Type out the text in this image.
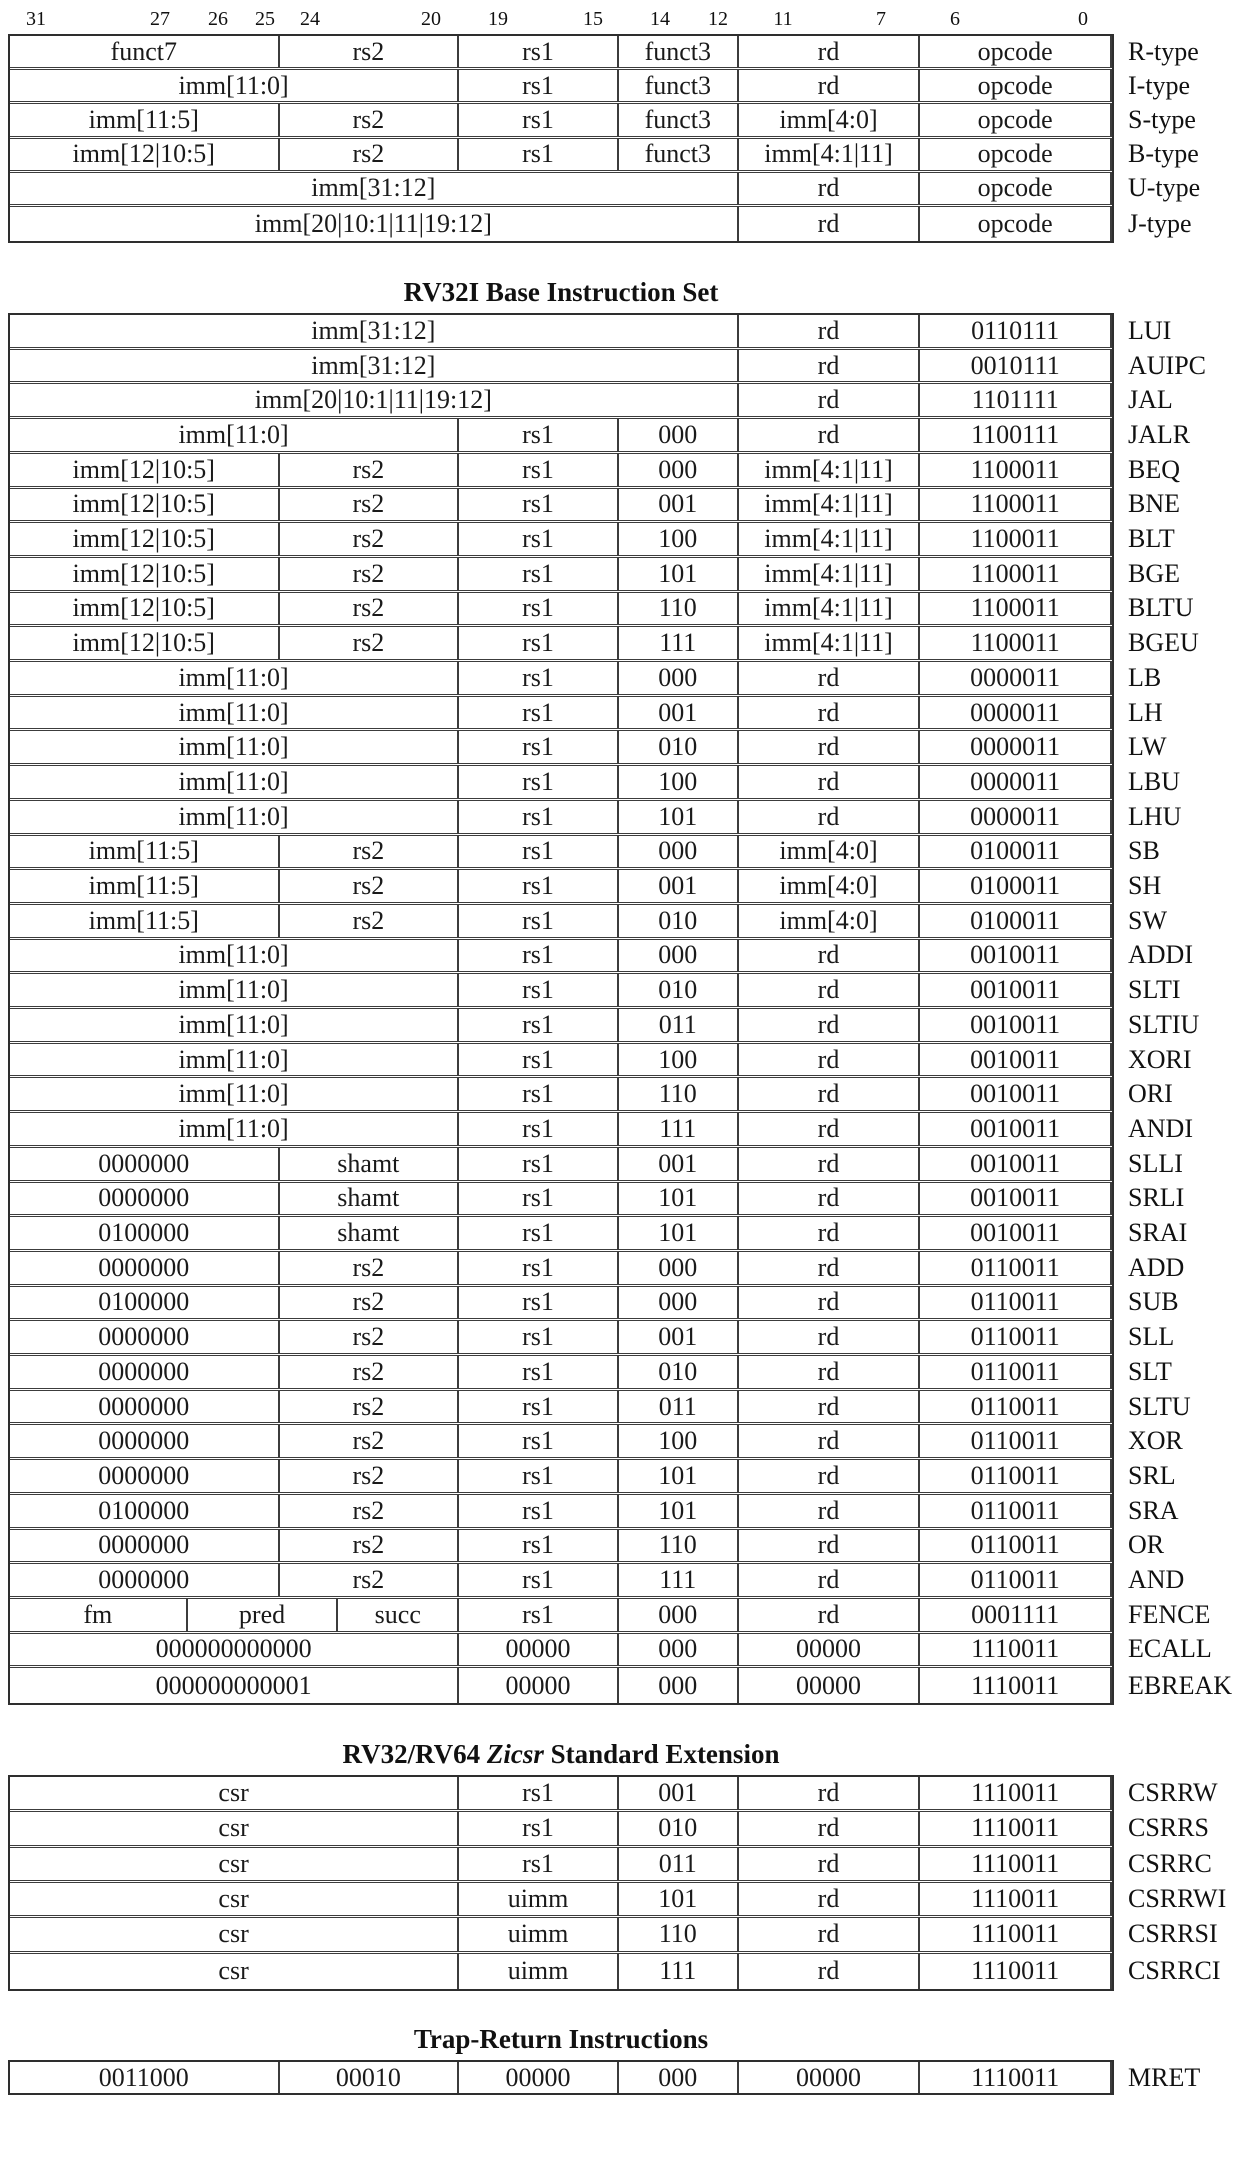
31	27 26 25 24	20 19	15 14 12 11	7	6	0
funct7	rs2	rs1	funct3	rd	opcode	R-type
imm[11:0]	rs1	funct3	rd	opcode	I-type
imm[11:5]	rs2	rs1	funct3	imm[4:0]	opcode	S-type
imm[12|10:5]	rs2	rs1	funct3	imm[4:1|11]	opcode	B-type
imm[31:12]	rd	opcode	U-type
imm[20|10:1|11|19:12]	rd	opcode	J-type
RV32I Base Instruction Set
imm[31:12]	rd	0110111	LUI
imm[31:12]	rd	0010111	AUIPC
imm[20|10:1|11|19:12]	rd	1101111	JAL
imm[11:0]	rs1	000	rd	1100111	JALR
imm[12|10:5]	rs2	rs1	000	imm[4:1|11]	1100011	BEQ
imm[12|10:5]	rs2	rs1	001	imm[4:1|11]	1100011	BNE
imm[12|10:5]	rs2	rs1	100	imm[4:1|11]	1100011	BLT
imm[12|10:5]	rs2	rs1	101	imm[4:1|11]	1100011	BGE
imm[12|10:5]	rs2	rs1	110	imm[4:1|11]	1100011	BLTU
imm[12|10:5]	rs2	rs1	111	imm[4:1|11]	1100011	BGEU
imm[11:0]	rs1	000	rd	0000011	LB
imm[11:0]	rs1	001	rd	0000011	LH
imm[11:0]	rs1	010	rd	0000011	LW
imm[11:0]	rs1	100	rd	0000011	LBU
imm[11:0]	rs1	101	rd	0000011	LHU
imm[11:5]	rs2	rs1	000	imm[4:0]	0100011	SB
imm[11:5]	rs2	rs1	001	imm[4:0]	0100011	SH
imm[11:5]	rs2	rs1	010	imm[4:0]	0100011	SW
imm[11:0]	rs1	000	rd	0010011	ADDI
imm[11:0]	rs1	010	rd	0010011	SLTI
imm[11:0]	rs1	011	rd	0010011	SLTIU
imm[11:0]	rs1	100	rd	0010011	XORI
imm[11:0]	rs1	110	rd	0010011	ORI
imm[11:0]	rs1	111	rd	0010011	ANDI
0000000	shamt	rs1	001	rd	0010011	SLLI
0000000	shamt	rs1	101	rd	0010011	SRLI
0100000	shamt	rs1	101	rd	0010011	SRAI
0000000	rs2	rs1	000	rd	0110011	ADD
0100000	rs2	rs1	000	rd	0110011	SUB
0000000	rs2	rs1	001	rd	0110011	SLL
0000000	rs2	rs1	010	rd	0110011	SLT
0000000	rs2	rs1	011	rd	0110011	SLTU
0000000	rs2	rs1	100	rd	0110011	XOR
0000000	rs2	rs1	101	rd	0110011	SRL
0100000	rs2	rs1	101	rd	0110011	SRA
0000000	rs2	rs1	110	rd	0110011	OR
0000000	rs2	rs1	111	rd	0110011	AND
fm	pred	succ	rs1	000	rd	0001111	FENCE
000000000000	00000	000	00000	1110011	ECALL
000000000001	00000	000	00000	1110011	EBREAK
RV32/RV64 Zicsr Standard Extension
csr	rs1	001	rd	1110011	CSRRW
csr	rs1	010	rd	1110011	CSRRS
csr	rs1	011	rd	1110011	CSRRC
csr	uimm	101	rd	1110011	CSRRWI
csr	uimm	110	rd	1110011	CSRRSI
csr	uimm	111	rd	1110011	CSRRCI
Trap-Return Instructions
0011000	00010	00000	000	00000	1110011	MRET
